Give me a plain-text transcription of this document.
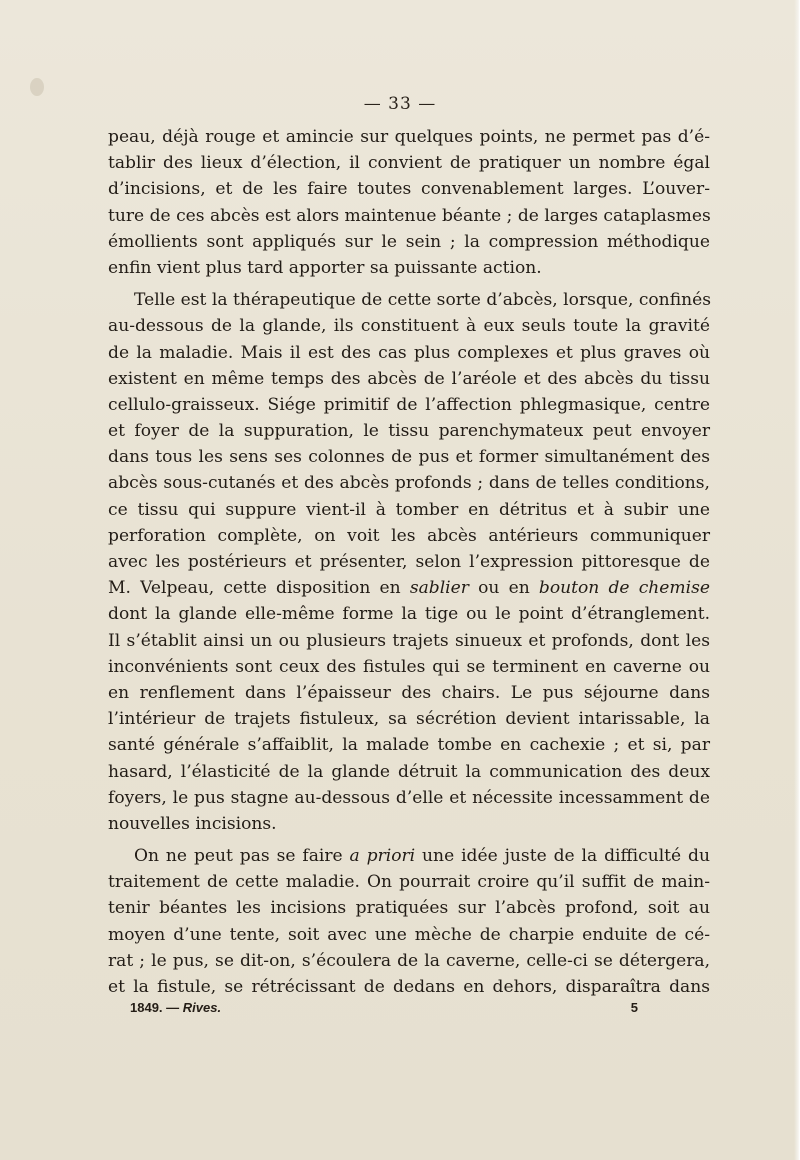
— 33 —
peau, déjà rouge et amincie sur quelques points, ne permet pas d’é-
tablir des lieux d’élection, il convient de pratiquer un nombre égal
d’incisions, et de les faire toutes convenablement larges. L’ouver-
ture de ces abcès est alors maintenue béante ; de larges cataplasmes
émollients sont appliqués sur le sein ; la compression méthodique
enfin vient plus tard apporter sa puissante action.
Telle est la thérapeutique de cette sorte d’abcès, lorsque, confinés
au-dessous de la glande, ils constituent à eux seuls toute la gravité
de la maladie. Mais il est des cas plus complexes et plus graves où
existent en même temps des abcès de l’aréole et des abcès du tissu
cellulo-graisseux. Siége primitif de l’affection phlegmasique, centre
et foyer de la suppuration, le tissu parenchymateux peut envoyer
dans tous les sens ses colonnes de pus et former simultanément des
abcès sous-cutanés et des abcès profonds ; dans de telles conditions,
ce tissu qui suppure vient-il à tomber en détritus et à subir une
perforation complète, on voit les abcès antérieurs communiquer
avec les postérieurs et présenter, selon l’expression pittoresque de
M. Velpeau, cette disposition en sablier ou en bouton de chemise
dont la glande elle-même forme la tige ou le point d’étranglement.
Il s’établit ainsi un ou plusieurs trajets sinueux et profonds, dont les
inconvénients sont ceux des fistules qui se terminent en caverne ou
en renflement dans l’épaisseur des chairs. Le pus séjourne dans
l’intérieur de trajets fistuleux, sa sécrétion devient intarissable, la
santé générale s’affaiblit, la malade tombe en cachexie ; et si, par
hasard, l’élasticité de la glande détruit la communication des deux
foyers, le pus stagne au-dessous d’elle et nécessite incessamment de
nouvelles incisions.
On ne peut pas se faire a priori une idée juste de la difficulté du
traitement de cette maladie. On pourrait croire qu’il suffit de main-
tenir béantes les incisions pratiquées sur l’abcès profond, soit au
moyen d’une tente, soit avec une mèche de charpie enduite de cé-
rat ; le pus, se dit-on, s’écoulera de la caverne, celle-ci se détergera,
et la fistule, se rétrécissant de dedans en dehors, disparaîtra dans
1849. — Rives.	5
